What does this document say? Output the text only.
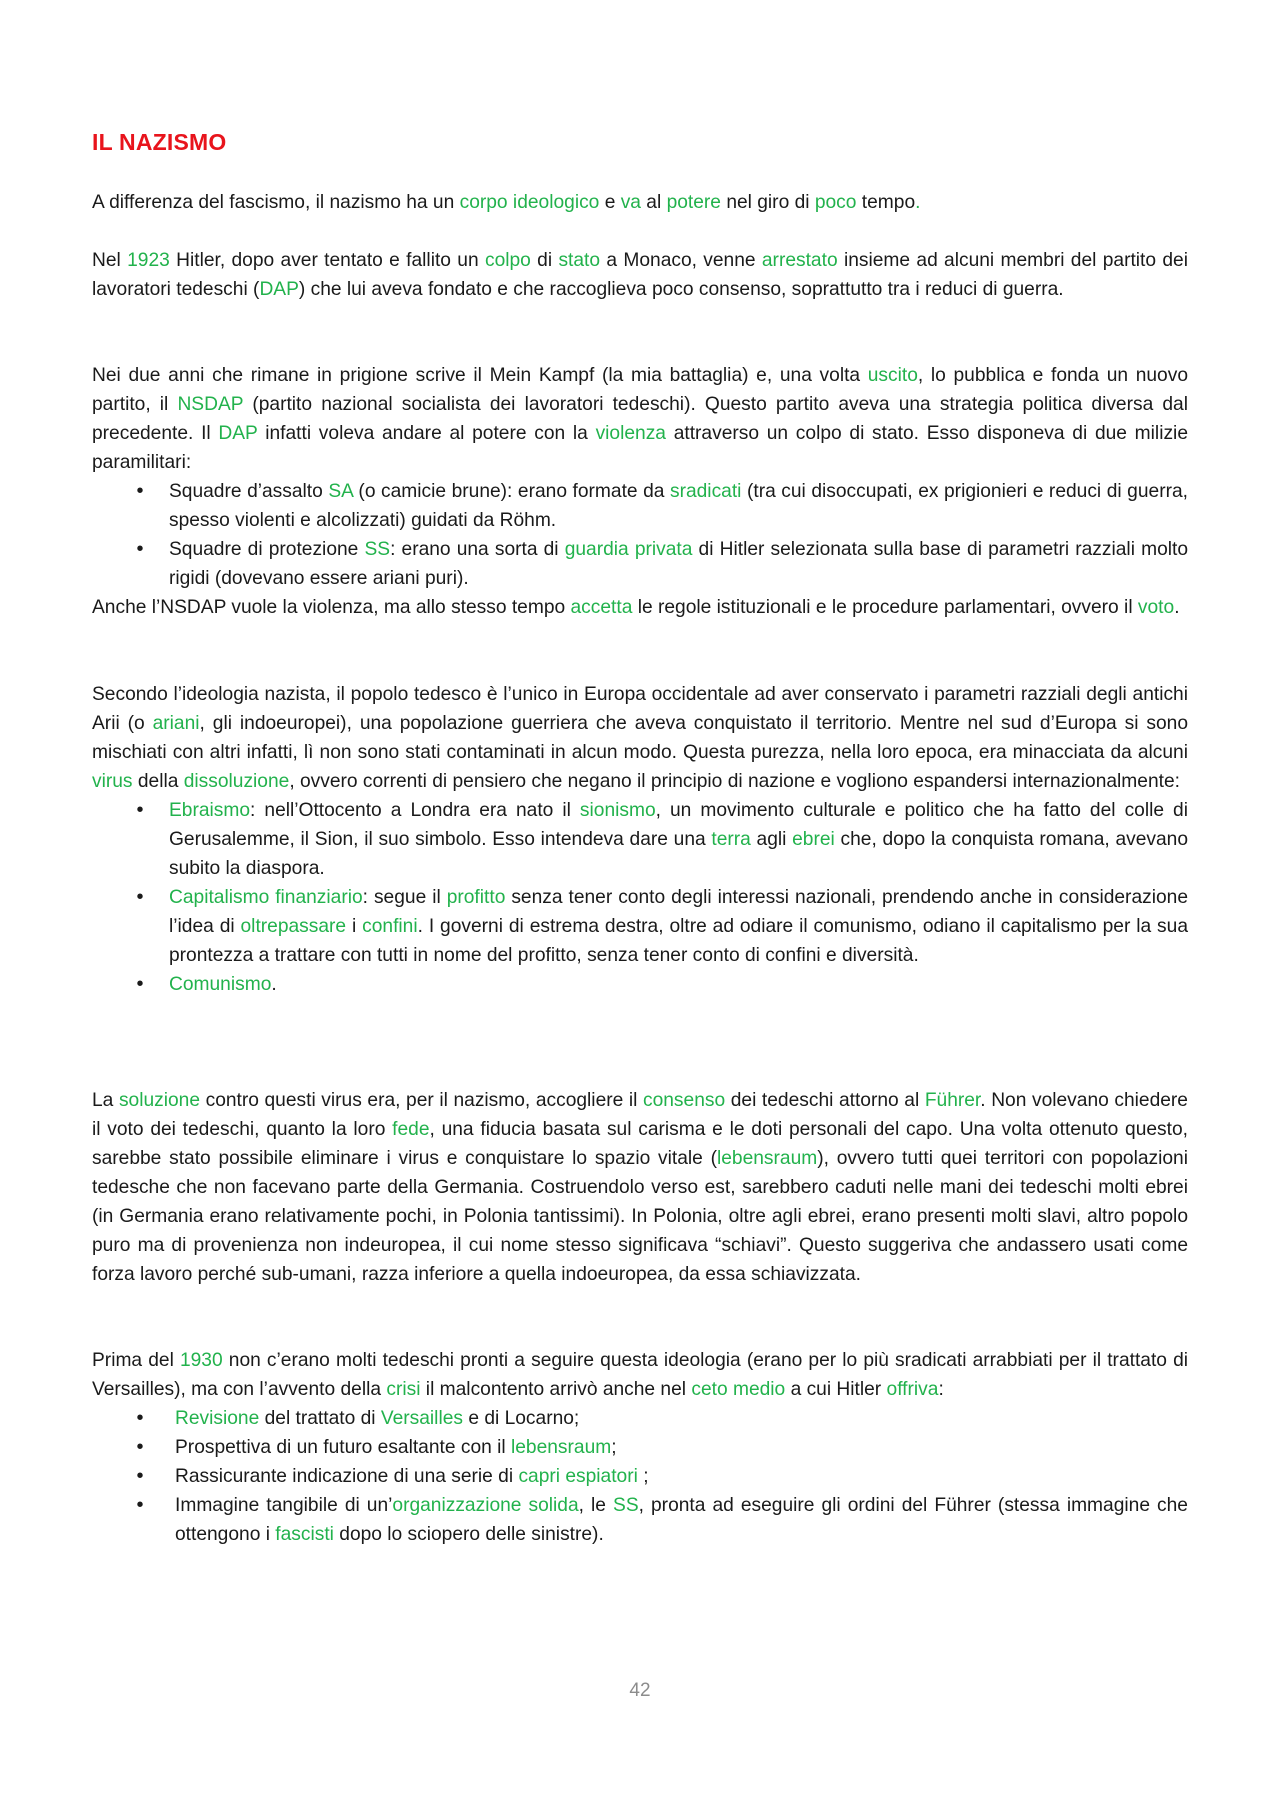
IL NAZISMO

A differenza del fascismo, il nazismo ha un corpo ideologico e va al potere nel giro di poco tempo.

Nel 1923 Hitler, dopo aver tentato e fallito un colpo di stato a Monaco, venne arrestato insieme ad alcuni membri del partito dei lavoratori tedeschi (DAP) che lui aveva fondato e che raccoglieva poco consenso, soprattutto tra i reduci di guerra.

Nei due anni che rimane in prigione scrive il Mein Kampf (la mia battaglia) e, una volta uscito, lo pubblica e fonda un nuovo partito, il NSDAP (partito nazional socialista dei lavoratori tedeschi). Questo partito aveva una strategia politica diversa dal precedente. Il DAP infatti voleva andare al potere con la violenza attraverso un colpo di stato. Esso disponeva di due milizie paramilitari:

• Squadre d’assalto SA (o camicie brune): erano formate da sradicati (tra cui disoccupati, ex prigionieri e reduci di guerra, spesso violenti e alcolizzati) guidati da Röhm.
• Squadre di protezione SS: erano una sorta di guardia privata di Hitler selezionata sulla base di parametri razziali molto rigidi (dovevano essere ariani puri).

Anche l’NSDAP vuole la violenza, ma allo stesso tempo accetta le regole istituzionali e le procedure parlamentari, ovvero il voto.

Secondo l’ideologia nazista, il popolo tedesco è l’unico in Europa occidentale ad aver conservato i parametri razziali degli antichi Arii (o ariani, gli indoeuropei), una popolazione guerriera che aveva conquistato il territorio. Mentre nel sud d’Europa si sono mischiati con altri infatti, lì non sono stati contaminati in alcun modo. Questa purezza, nella loro epoca, era minacciata da alcuni virus della dissoluzione, ovvero correnti di pensiero che negano il principio di nazione e vogliono espandersi internazionalmente:

• Ebraismo: nell’Ottocento a Londra era nato il sionismo, un movimento culturale e politico che ha fatto del colle di Gerusalemme, il Sion, il suo simbolo. Esso intendeva dare una terra agli ebrei che, dopo la conquista romana, avevano subito la diaspora.
• Capitalismo finanziario: segue il profitto senza tener conto degli interessi nazionali, prendendo anche in considerazione l’idea di oltrepassare i confini. I governi di estrema destra, oltre ad odiare il comunismo, odiano il capitalismo per la sua prontezza a trattare con tutti in nome del profitto, senza tener conto di confini e diversità.
• Comunismo.

La soluzione contro questi virus era, per il nazismo, accogliere il consenso dei tedeschi attorno al Führer. Non volevano chiedere il voto dei tedeschi, quanto la loro fede, una fiducia basata sul carisma e le doti personali del capo. Una volta ottenuto questo, sarebbe stato possibile eliminare i virus e conquistare lo spazio vitale (lebensraum), ovvero tutti quei territori con popolazioni tedesche che non facevano parte della Germania. Costruendolo verso est, sarebbero caduti nelle mani dei tedeschi molti ebrei (in Germania erano relativamente pochi, in Polonia tantissimi). In Polonia, oltre agli ebrei, erano presenti molti slavi, altro popolo puro ma di provenienza non indeuropea, il cui nome stesso significava “schiavi”. Questo suggeriva che andassero usati come forza lavoro perché sub-umani, razza inferiore a quella indoeuropea, da essa schiavizzata.

Prima del 1930 non c’erano molti tedeschi pronti a seguire questa ideologia (erano per lo più sradicati arrabbiati per il trattato di Versailles), ma con l’avvento della crisi il malcontento arrivò anche nel ceto medio a cui Hitler offriva:

• Revisione del trattato di Versailles e di Locarno;
• Prospettiva di un futuro esaltante con il lebensraum;
• Rassicurante indicazione di una serie di capri espiatori ;
• Immagine tangibile di un’organizzazione solida, le SS, pronta ad eseguire gli ordini del Führer (stessa immagine che ottengono i fascisti dopo lo sciopero delle sinistre).
42
